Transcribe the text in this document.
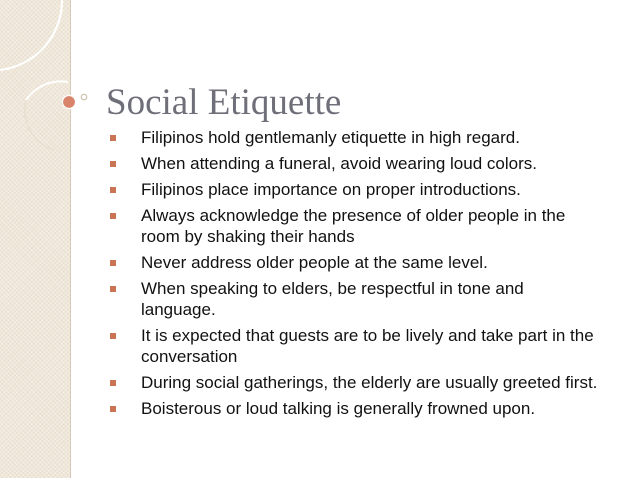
Social Etiquette
Filipinos hold gentlemanly etiquette in high regard.
When attending a funeral, avoid wearing loud colors.
Filipinos place importance on proper introductions.
Always acknowledge the presence of older people in the room by shaking their hands
Never address older people at the same level.
When speaking to elders, be respectful in tone and language.
It is expected that guests are to be lively and take part in the conversation
During social gatherings, the elderly are usually greeted first.
Boisterous or loud talking is generally frowned upon.
